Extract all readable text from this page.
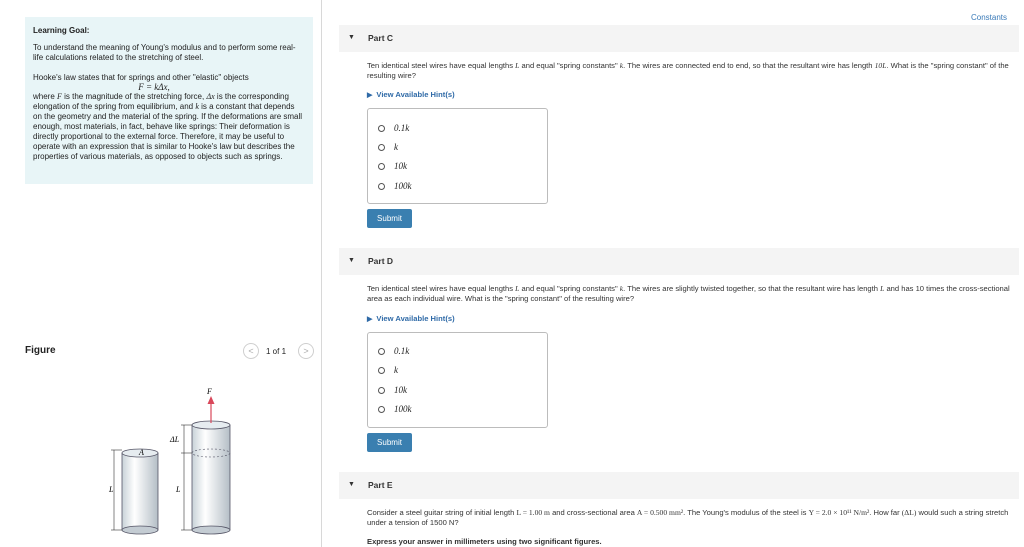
Learning Goal:
To understand the meaning of Young's modulus and to perform some real-life calculations related to the stretching of steel.
Hooke's law states that for springs and other "elastic" objects
F = kΔx,
where F is the magnitude of the stretching force, Δx is the corresponding elongation of the spring from equilibrium, and k is a constant that depends on the geometry and the material of the spring. If the deformations are small enough, most materials, in fact, behave like springs: Their deformation is directly proportional to the external force. Therefore, it may be useful to operate with an expression that is similar to Hooke's law but describes the properties of various materials, as opposed to objects such as springs.
Figure	<	1 of 1	>
A
L
F
ΔL
L
Constants
▼ Part C
Ten identical steel wires have equal lengths L and equal "spring constants" k. The wires are connected end to end, so that the resultant wire has length 10L. What is the "spring constant" of the resulting wire?
▶ View Available Hint(s)
0.1k
k
10k
100k
Submit
▼ Part D
Ten identical steel wires have equal lengths L and equal "spring constants" k. The wires are slightly twisted together, so that the resultant wire has length L and has 10 times the cross-sectional area as each individual wire. What is the "spring constant" of the resulting wire?
▶ View Available Hint(s)
0.1k
k
10k
100k
Submit
▼ Part E
Consider a steel guitar string of initial length L = 1.00 m and cross-sectional area A = 0.500 mm². The Young's modulus of the steel is Y = 2.0 × 10¹¹ N/m². How far (ΔL) would such a string stretch under a tension of 1500 N?
Express your answer in millimeters using two significant figures.
